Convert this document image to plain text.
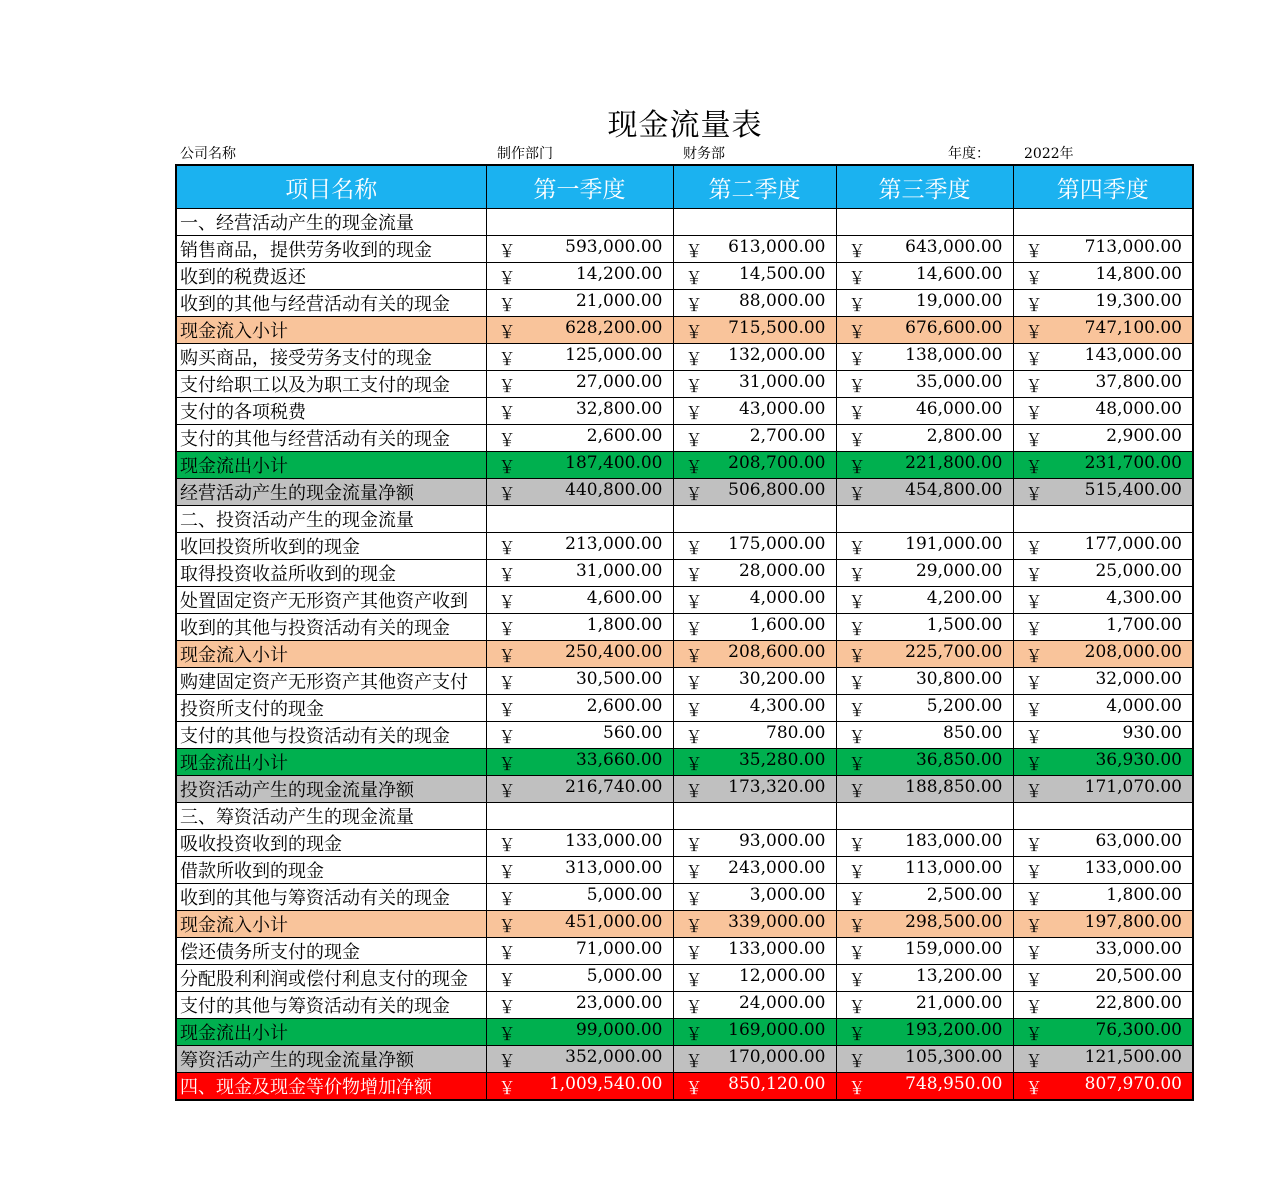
现金流量表
公司名称	制作部门	财务部	年度： 2022年
项目名称	第一季度	第二季度	第三季度	第四季度
一、经营活动产生的现金流量				
销售商品，提供劳务收到的现金	￥ 593,000.00	￥ 613,000.00	￥ 643,000.00	￥ 713,000.00

收到的税费返还	￥ 14,200.00	￥ 14,500.00	￥ 14,600.00	￥ 14,800.00

收到的其他与经营活动有关的现金	￥ 21,000.00	￥ 88,000.00	￥ 19,000.00	￥ 19,300.00

现金流入小计	￥ 628,200.00	￥ 715,500.00	￥ 676,600.00	￥ 747,100.00

购买商品，接受劳务支付的现金	￥ 125,000.00	￥ 132,000.00	￥ 138,000.00	￥ 143,000.00

支付给职工以及为职工支付的现金	￥ 27,000.00	￥ 31,000.00	￥ 35,000.00	￥ 37,800.00

支付的各项税费	￥ 32,800.00	￥ 43,000.00	￥ 46,000.00	￥ 48,000.00

支付的其他与经营活动有关的现金	￥ 2,600.00	￥ 2,700.00	￥ 2,800.00	￥ 2,900.00

现金流出小计	￥ 187,400.00	￥ 208,700.00	￥ 221,800.00	￥ 231,700.00

经营活动产生的现金流量净额	￥ 440,800.00	￥ 506,800.00	￥ 454,800.00	￥ 515,400.00

二、投资活动产生的现金流量				
收回投资所收到的现金	￥ 213,000.00	￥ 175,000.00	￥ 191,000.00	￥ 177,000.00

取得投资收益所收到的现金	￥ 31,000.00	￥ 28,000.00	￥ 29,000.00	￥ 25,000.00

处置固定资产无形资产其他资产收到	￥ 4,600.00	￥ 4,000.00	￥ 4,200.00	￥ 4,300.00

收到的其他与投资活动有关的现金	￥ 1,800.00	￥ 1,600.00	￥ 1,500.00	￥ 1,700.00

现金流入小计	￥ 250,400.00	￥ 208,600.00	￥ 225,700.00	￥ 208,000.00

购建固定资产无形资产其他资产支付	￥ 30,500.00	￥ 30,200.00	￥ 30,800.00	￥ 32,000.00

投资所支付的现金	￥ 2,600.00	￥ 4,300.00	￥ 5,200.00	￥ 4,000.00

支付的其他与投资活动有关的现金	￥ 560.00	￥ 780.00	￥ 850.00	￥ 930.00

现金流出小计	￥ 33,660.00	￥ 35,280.00	￥ 36,850.00	￥ 36,930.00

投资活动产生的现金流量净额	￥ 216,740.00	￥ 173,320.00	￥ 188,850.00	￥ 171,070.00

三、筹资活动产生的现金流量				
吸收投资收到的现金	￥ 133,000.00	￥ 93,000.00	￥ 183,000.00	￥ 63,000.00

借款所收到的现金	￥ 313,000.00	￥ 243,000.00	￥ 113,000.00	￥ 133,000.00

收到的其他与筹资活动有关的现金	￥ 5,000.00	￥ 3,000.00	￥ 2,500.00	￥ 1,800.00

现金流入小计	￥ 451,000.00	￥ 339,000.00	￥ 298,500.00	￥ 197,800.00

偿还债务所支付的现金	￥ 71,000.00	￥ 133,000.00	￥ 159,000.00	￥ 33,000.00

分配股利利润或偿付利息支付的现金	￥ 5,000.00	￥ 12,000.00	￥ 13,200.00	￥ 20,500.00

支付的其他与筹资活动有关的现金	￥ 23,000.00	￥ 24,000.00	￥ 21,000.00	￥ 22,800.00

现金流出小计	￥ 99,000.00	￥ 169,000.00	￥ 193,200.00	￥ 76,300.00

筹资活动产生的现金流量净额	￥ 352,000.00	￥ 170,000.00	￥ 105,300.00	￥ 121,500.00

四、现金及现金等价物增加净额	￥ 1,009,540.00	￥ 850,120.00	￥ 748,950.00	￥ 807,970.00
